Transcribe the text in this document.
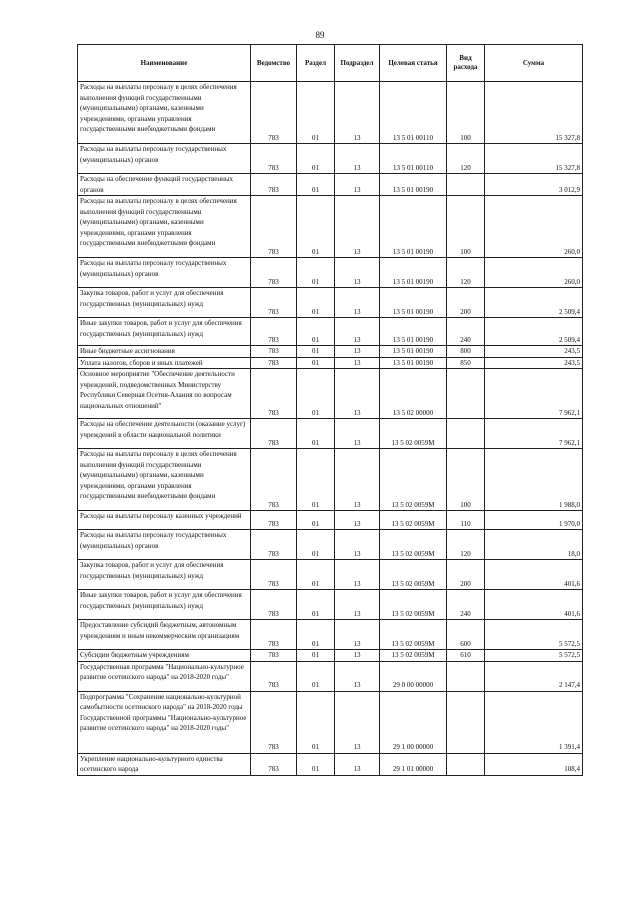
89
Наименование	Ведомство	Раздел	Подраздел	Целевая статья	Вид расхода	Сумма
Расходы на выплаты персоналу в целях обеспечения выполнения функций государственными (муниципальными) органами, казенными учреждениями, органами управления государственными внебюджетными фондами	783	01	13	13 5 01 00110	100	15 327,8
Расходы на выплаты персоналу государственных (муниципальных) органов	783	01	13	13 5 01 00110	120	15 327,8
Расходы на обеспечение функций государственных органов	783	01	13	13 5 01 00190		3 012,9
Расходы на выплаты персоналу в целях обеспечения выполнения функций государственными (муниципальными) органами, казенными учреждениями, органами управления государственными внебюджетными фондами	783	01	13	13 5 01 00190	100	260,0
Расходы на выплаты персоналу государственных (муниципальных) органов	783	01	13	13 5 01 00190	120	260,0
Закупка товаров, работ и услуг для обеспечения государственных (муниципальных) нужд	783	01	13	13 5 01 00190	200	2 509,4
Иные закупки товаров, работ и услуг для обеспечения государственных (муниципальных) нужд	783	01	13	13 5 01 00190	240	2 509,4
Иные бюджетные ассигнования	783	01	13	13 5 01 00190	800	243,5
Уплата налогов, сборов и иных платежей	783	01	13	13 5 01 00190	850	243,5
Основное мероприятие "Обеспечение деятельности учреждений, подведомственных Министерству Республики Северная Осетия-Алания по вопросам национальных отношений"	783	01	13	13 5 02 00000		7 962,1
Расходы на обеспечение деятельности (оказание услуг) учреждений в области национальной политики	783	01	13	13 5 02 0059M		7 962,1
Расходы на выплаты персоналу в целях обеспечения выполнения функций государственными (муниципальными) органами, казенными учреждениями, органами управления государственными внебюджетными фондами	783	01	13	13 5 02 0059M	100	1 988,0
Расходы на выплаты персоналу казенных учреждений	783	01	13	13 5 02 0059M	110	1 970,0
Расходы на выплаты персоналу государственных (муниципальных) органов	783	01	13	13 5 02 0059M	120	18,0
Закупка товаров, работ и услуг для обеспечения государственных (муниципальных) нужд	783	01	13	13 5 02 0059M	200	401,6
Иные закупки товаров, работ и услуг для обеспечения государственных (муниципальных) нужд	783	01	13	13 5 02 0059M	240	401,6
Предоставление субсидий бюджетным, автономным учреждениям и иным некоммерческим организациям	783	01	13	13 5 02 0059M	600	5 572,5
Субсидии бюджетным учреждениям	783	01	13	13 5 02 0059M	610	5 572,5
Государственная программа "Национально-культурное развитие осетинского народа" на 2018-2020 годы"	783	01	13	29 0 00 00000		2 147,4
Подпрограмма "Сохранение национально-культурной самобытности осетинского народа" на 2018-2020 годы Государственной программы "Национально-культурное развитие осетинского народа" на 2018-2020 годы"	783	01	13	29 1 00 00000		1 391,4
Укрепление национально-культурного единства осетинского народа	783	01	13	29 1 01 00000		108,4
